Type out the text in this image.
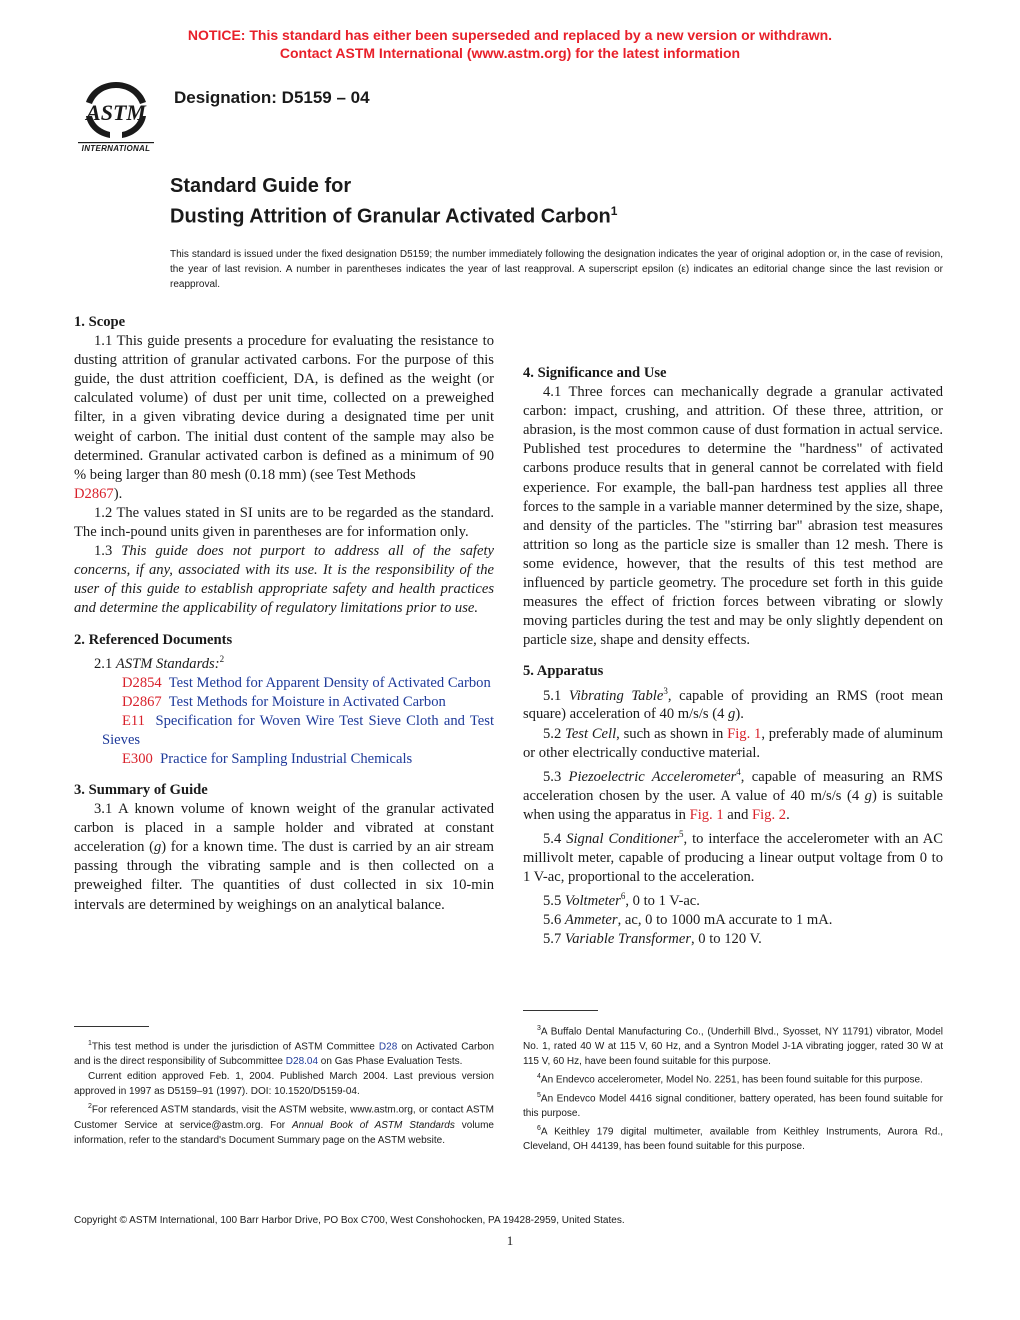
NOTICE: This standard has either been superseded and replaced by a new version or withdrawn.
Contact ASTM International (www.astm.org) for the latest information
ASTM
INTERNATIONAL
Designation: D5159 – 04
Standard Guide for
Dusting Attrition of Granular Activated Carbon$^1$
This standard is issued under the fixed designation D5159; the number immediately following the designation indicates the year of original adoption or, in the case of revision, the year of last revision. A number in parentheses indicates the year of last reapproval. A superscript epsilon (ε) indicates an editorial change since the last revision or reapproval.
1. Scope

1.1 This guide presents a procedure for evaluating the resistance to dusting attrition of granular activated carbons. For the purpose of this guide, the dust attrition coefficient, DA, is defined as the weight (or calculated volume) of dust per unit time, collected on a preweighed filter, in a given vibrating device during a designated time per unit weight of carbon. The initial dust content of the sample may also be determined. Granular activated carbon is defined as a minimum of 90 % being larger than 80 mesh (0.18 mm) (see Test Methods
D2867).

1.2 The values stated in SI units are to be regarded as the standard. The inch-pound units given in parentheses are for information only.

1.3 This guide does not purport to address all of the safety concerns, if any, associated with its use. It is the responsibility of the user of this guide to establish appropriate safety and health practices and determine the applicability of regulatory limitations prior to use.

2. Referenced Documents

2.1 ASTM Standards:$^2$

D2854 Test Method for Apparent Density of Activated Carbon

D2867 Test Methods for Moisture in Activated Carbon

E11 Specification for Woven Wire Test Sieve Cloth and Test Sieves

E300 Practice for Sampling Industrial Chemicals

3. Summary of Guide

3.1 A known volume of known weight of the granular activated carbon is placed in a sample holder and vibrated at constant acceleration (g) for a known time. The dust is carried by an air stream passing through the vibrating sample and is then collected on a preweighed filter. The quantities of dust collected in six 10-min intervals are determined by weighings on an analytical balance.

4. Significance and Use

4.1 Three forces can mechanically degrade a granular activated carbon: impact, crushing, and attrition. Of these three, attrition, or abrasion, is the most common cause of dust formation in actual service. Published test procedures to determine the "hardness" of activated carbons produce results that in general cannot be correlated with field experience. For example, the ball-pan hardness test applies all three forces to the sample in a variable manner determined by the size, shape, and density of the particles. The "stirring bar" abrasion test measures attrition so long as the particle size is smaller than 12 mesh. There is some evidence, however, that the results of this test method are influenced by particle geometry. The procedure set forth in this guide measures the effect of friction forces between vibrating or slowly moving particles during the test and may be only slightly dependent on particle size, shape and density effects.

5. Apparatus

5.1 Vibrating Table$^3$, capable of providing an RMS (root mean square) acceleration of 40 m/s/s (4 g).

5.2 Test Cell, such as shown in Fig. 1, preferably made of aluminum or other electrically conductive material.

5.3 Piezoelectric Accelerometer$^4$, capable of measuring an RMS acceleration chosen by the user. A value of 40 m/s/s (4 g) is suitable when using the apparatus in Fig. 1 and Fig. 2.

5.4 Signal Conditioner$^5$, to interface the accelerometer with an AC millivolt meter, capable of producing a linear output voltage from 0 to 1 V-ac, proportional to the acceleration.

5.5 Voltmeter$^6$, 0 to 1 V-ac.

5.6 Ammeter, ac, 0 to 1000 mA accurate to 1 mA.

5.7 Variable Transformer, 0 to 120 V.

$^1$This test method is under the jurisdiction of ASTM Committee D28 on Activated Carbon and is the direct responsibility of Subcommittee D28.04 on Gas Phase Evaluation Tests.

Current edition approved Feb. 1, 2004. Published March 2004. Last previous version approved in 1997 as D5159–91 (1997). DOI: 10.1520/D5159-04.

$^2$For referenced ASTM standards, visit the ASTM website, www.astm.org, or contact ASTM Customer Service at service@astm.org. For Annual Book of ASTM Standards volume information, refer to the standard's Document Summary page on the ASTM website.

$^3$A Buffalo Dental Manufacturing Co., (Underhill Blvd., Syosset, NY 11791) vibrator, Model No. 1, rated 40 W at 115 V, 60 Hz, and a Syntron Model J-1A vibrating jogger, rated 30 W at 115 V, 60 Hz, have been found suitable for this purpose.

$^4$An Endevco accelerometer, Model No. 2251, has been found suitable for this purpose.

$^5$An Endevco Model 4416 signal conditioner, battery operated, has been found suitable for this purpose.

$^6$A Keithley 179 digital multimeter, available from Keithley Instruments, Aurora Rd., Cleveland, OH 44139, has been found suitable for this purpose.

Copyright © ASTM International, 100 Barr Harbor Drive, PO Box C700, West Conshohocken, PA 19428-2959, United States.
1
